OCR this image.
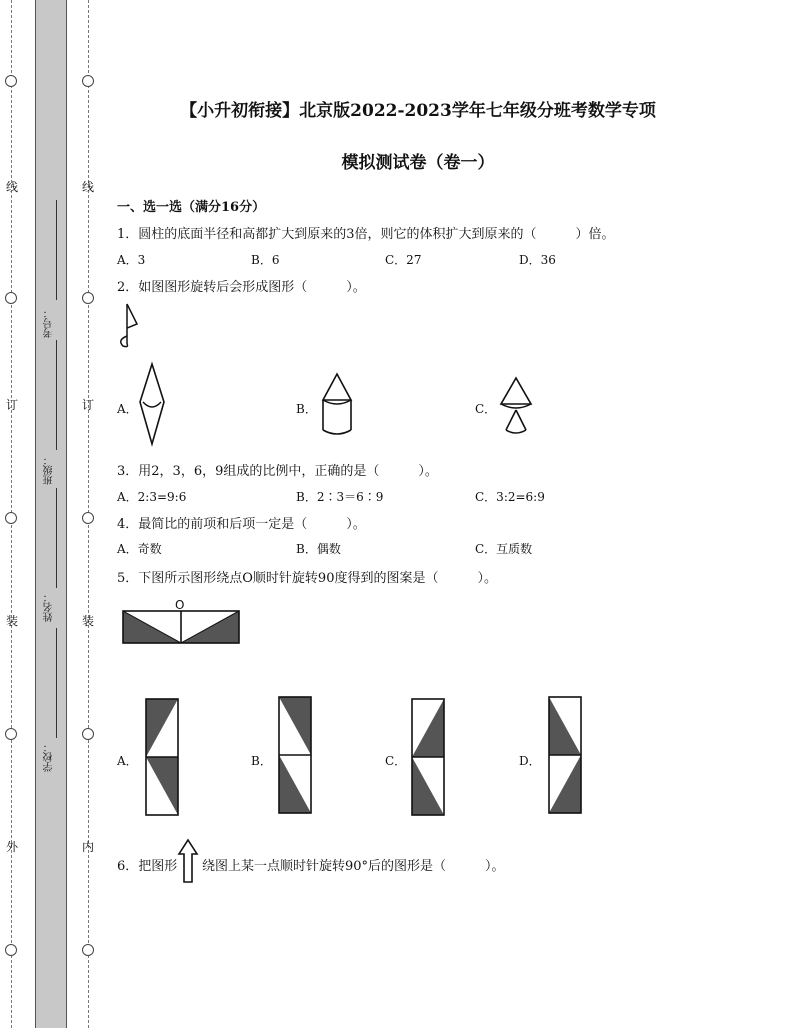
线
订
装
外
线
订
装
内
考号：
班级：
姓名：
学校：
【小升初衔接】北京版2022-2023学年七年级分班考数学专项
模拟测试卷（卷一）
一、选一选（满分16分）
1．圆柱的底面半径和高都扩大到原来的3倍，则它的体积扩大到原来的（　　　）倍。
A．3	B．6	C．27	D．36
2．如图图形旋转后会形成图形（　　　）。
A．	B．	C．
3．用2，3，6，9组成的比例中，正确的是（　　　）。
A．2:3=9:6	B．2∶3＝6∶9	C．3:2=6:9
4．最简比的前项和后项一定是（　　　）。
A．奇数	B．偶数	C．互质数
5．下图所示图形绕点O顺时针旋转90度得到的图案是（　　　）。
O
A．	B．	C．	D．
6．把图形 绕图上某一点顺时针旋转90°后的图形是（　　　）。
